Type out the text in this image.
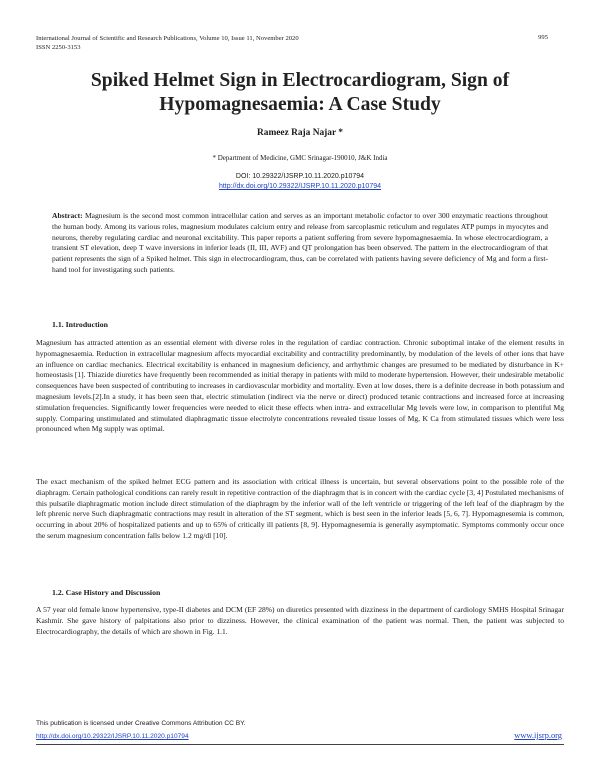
International Journal of Scientific and Research Publications, Volume 10, Issue 11, November 2020
ISSN 2250-3153
995
Spiked Helmet Sign in Electrocardiogram, Sign of
Hypomagnesaemia: A Case Study
Rameez Raja Najar *
* Department of Medicine, GMC Srinagar-190010, J&K India
DOI: 10.29322/IJSRP.10.11.2020.p10794
http://dx.doi.org/10.29322/IJSRP.10.11.2020.p10794
Abstract: Magnesium is the second most common intracellular cation and serves as an important metabolic cofactor to over 300 enzymatic reactions throughout the human body. Among its various roles, magnesium modulates calcium entry and release from sarcoplasmic reticulum and regulates ATP pumps in myocytes and neurons, thereby regulating cardiac and neuronal excitability. This paper reports a patient suffering from severe hypomagnesaemia. In whose electrocardiogram, a transient ST elevation, deep T wave inversions in inferior leads (II, III, AVF) and QT prolongation has been observed. The pattern in the electrocardiogram of that patient represents the sign of a Spiked helmet. This sign in electrocardiogram, thus, can be correlated with patients having severe deficiency of Mg and form a first-hand tool for investigating such patients.
1.1. Introduction
Magnesium has attracted attention as an essential element with diverse roles in the regulation of cardiac contraction. Chronic suboptimal intake of the element results in hypomagnesaemia. Reduction in extracellular magnesium affects myocardial excitability and contractility predominantly, by modulation of the levels of other ions that have an influence on cardiac mechanics. Electrical excitability is enhanced in magnesium deficiency, and arrhythmic changes are presumed to be mediated by disturbance in K+ homeostasis [1]. Thiazide diuretics have frequently been recommended as initial therapy in patients with mild to moderate hypertension. However, their undesirable metabolic consequences have been suspected of contributing to increases in cardiovascular morbidity and mortality. Even at low doses, there is a definite decrease in both potassium and magnesium levels.[2].In a study, it has been seen that, electric stimulation (indirect via the nerve or direct) produced tetanic contractions and increased force at increasing stimulation frequencies. Significantly lower frequencies were needed to elicit these effects when intra- and extracellular Mg levels were low, in comparison to plentiful Mg supply. Comparing unstimulated and stimulated diaphragmatic tissue electrolyte concentrations revealed tissue losses of Mg, K Ca from stimulated tissues which were less pronounced when Mg supply was optimal.
The exact mechanism of the spiked helmet ECG pattern and its association with critical illness is uncertain, but several observations point to the possible role of the diaphragm. Certain pathological conditions can rarely result in repetitive contraction of the diaphragm that is in concert with the cardiac cycle [3, 4] Postulated mechanisms of this pulsatile diaphragmatic motion include direct stimulation of the diaphragm by the inferior wall of the left ventricle or triggering of the left leaf of the diaphragm by the left phrenic nerve Such diaphragmatic contractions may result in alteration of the ST segment, which is best seen in the inferior leads [5, 6, 7]. Hypomagnesemia is common, occurring in about 20% of hospitalized patients and up to 65% of critically ill patients [8, 9]. Hypomagnesemia is generally asymptomatic. Symptoms commonly occur once the serum magnesium concentration falls below 1.2 mg/dl [10].
1.2. Case History and Discussion
A 57 year old female know hypertensive, type-II diabetes and DCM (EF 28%) on diuretics presented with dizziness in the department of cardiology SMHS Hospital Srinagar Kashmir. She gave history of palpitations also prior to dizziness. However, the clinical examination of the patient was normal. Then, the patient was subjected to Electrocardiography, the details of which are shown in Fig. 1.1.
This publication is licensed under Creative Commons Attribution CC BY.
http://dx.doi.org/10.29322/IJSRP.10.11.2020.p10794	www.ijsrp.org
